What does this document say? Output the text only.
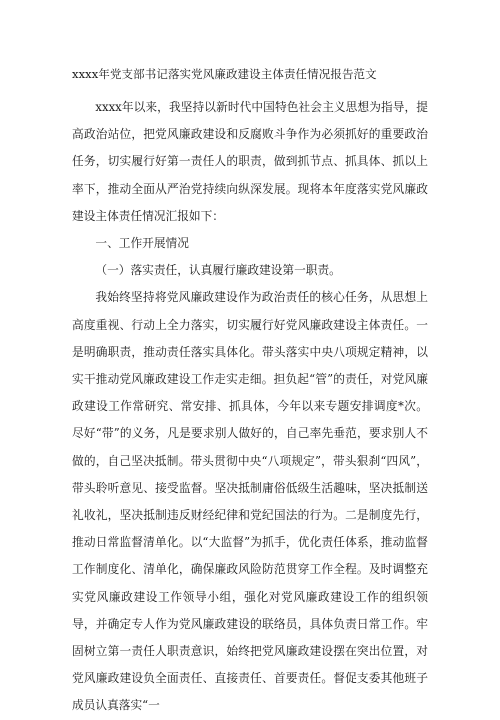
xxxx年党支部书记落实党风廉政建设主体责任情况报告范文

xxxx年以来，我坚持以新时代中国特色社会主义思想为指导，提高政治站位，把党风廉政建设和反腐败斗争作为必须抓好的重要政治任务，切实履行好第一责任人的职责，做到抓节点、抓具体、抓以上率下，推动全面从严治党持续向纵深发展。现将本年度落实党风廉政建设主体责任情况汇报如下：

一、工作开展情况

（一）落实责任，认真履行廉政建设第一职责。

我始终坚持将党风廉政建设作为政治责任的核心任务，从思想上高度重视、行动上全力落实，切实履行好党风廉政建设主体责任。一是明确职责，推动责任落实具体化。带头落实中央八项规定精神，以实干推动党风廉政建设工作走实走细。担负起“管”的责任，对党风廉政建设工作常研究、常安排、抓具体，今年以来专题安排调度*次。尽好“带”的义务，凡是要求别人做好的，自己率先垂范，要求别人不做的，自己坚决抵制。带头贯彻中央“八项规定”，带头狠刹“四风”，带头聆听意见、接受监督。坚决抵制庸俗低级生活趣味，坚决抵制送礼收礼，坚决抵制违反财经纪律和党纪国法的行为。二是制度先行，推动日常监督清单化。以“大监督”为抓手，优化责任体系，推动监督工作制度化、清单化，确保廉政风险防范贯穿工作全程。及时调整充实党风廉政建设工作领导小组，强化对党风廉政建设工作的组织领导，并确定专人作为党风廉政建设的联络员，具体负责日常工作。牢固树立第一责任人职责意识，始终把党风廉政建设摆在突出位置，对党风廉政建设负全面责任、直接责任、首要责任。督促支委其他班子成员认真落实“一
